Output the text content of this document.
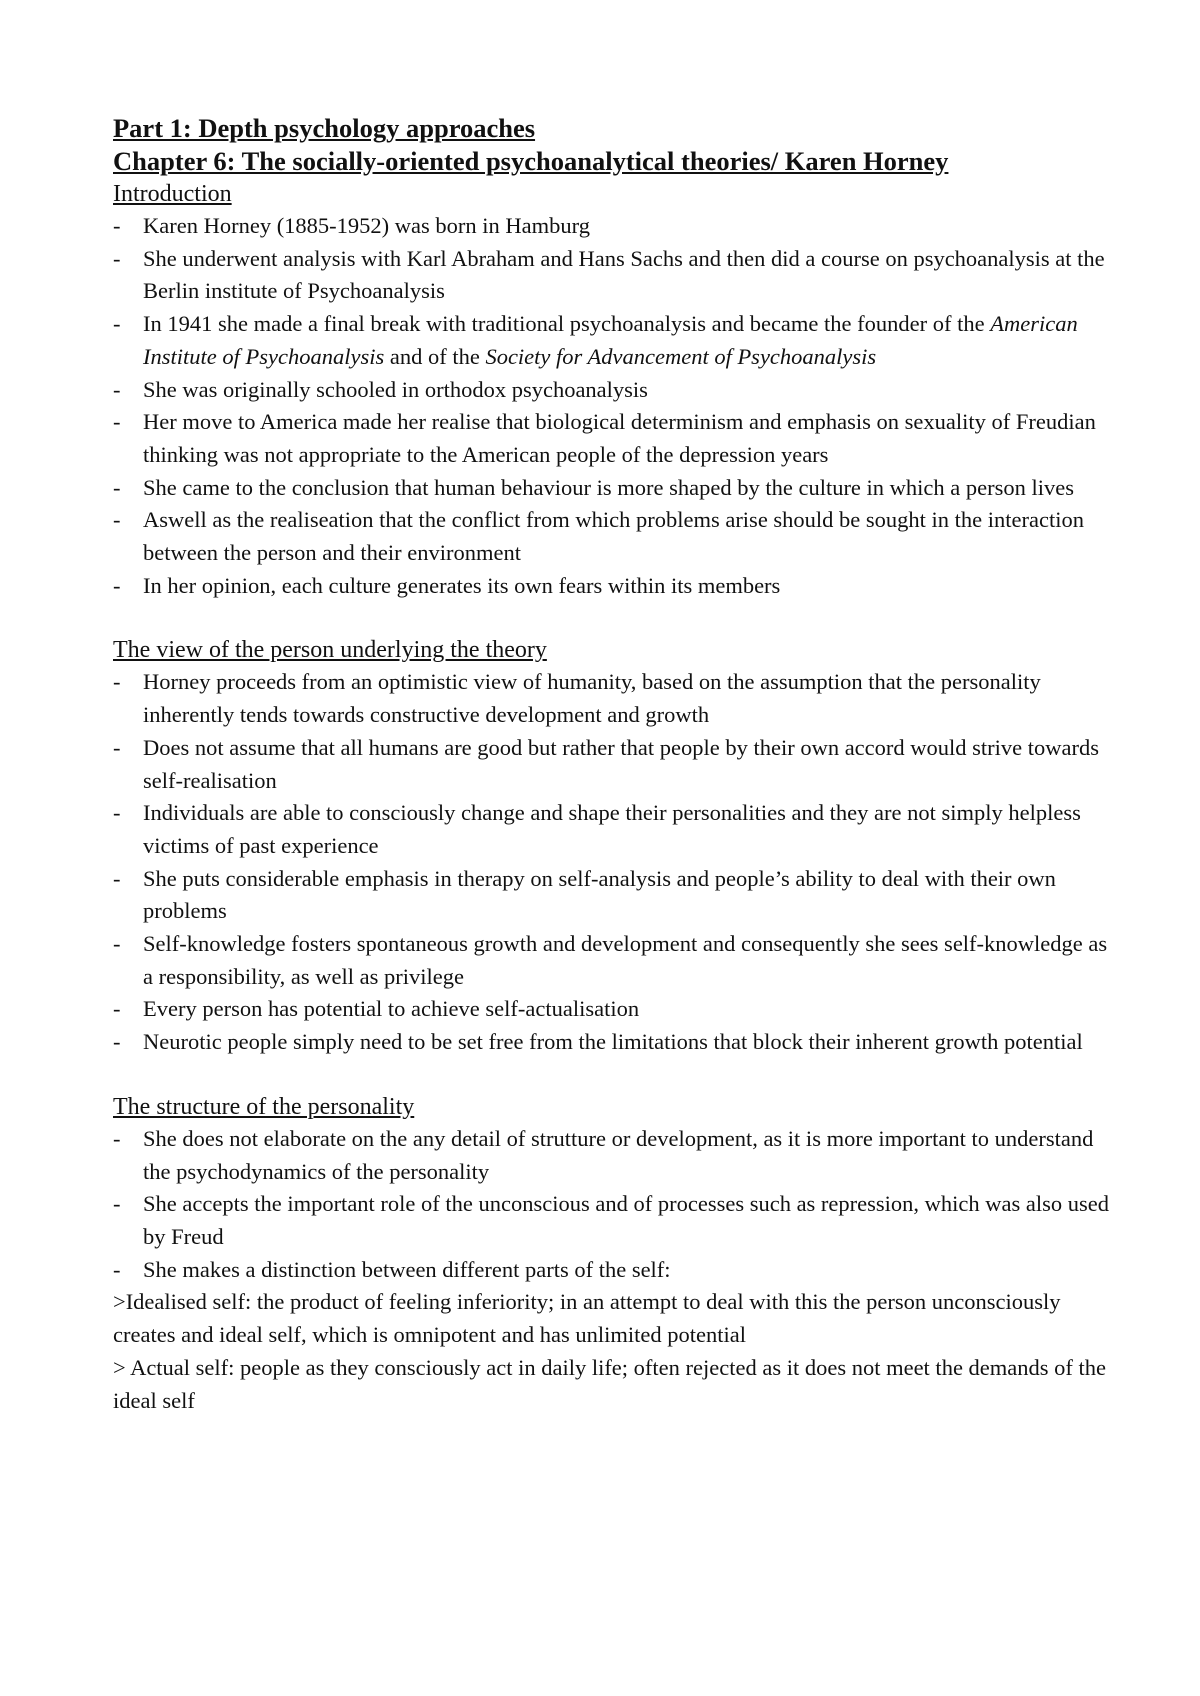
Part 1: Depth psychology approaches
Chapter 6: The socially-oriented psychoanalytical theories/ Karen Horney
Introduction
- Karen Horney (1885-1952) was born in Hamburg
- She underwent analysis with Karl Abraham and Hans Sachs and then did a course on psychoanalysis at the Berlin institute of Psychoanalysis
- In 1941 she made a final break with traditional psychoanalysis and became the founder of the American Institute of Psychoanalysis and of the Society for Advancement of Psychoanalysis
- She was originally schooled in orthodox psychoanalysis
- Her move to America made her realise that biological determinism and emphasis on sexuality of Freudian thinking was not appropriate to the American people of the depression years
- She came to the conclusion that human behaviour is more shaped by the culture in which a person lives
- Aswell as the realiseation that the conflict from which problems arise should be sought in the interaction between the person and their environment
- In her opinion, each culture generates its own fears within its members
The view of the person underlying the theory
- Horney proceeds from an optimistic view of humanity, based on the assumption that the personality inherently tends towards constructive development and growth
- Does not assume that all humans are good but rather that people by their own accord would strive towards self-realisation
- Individuals are able to consciously change and shape their personalities and they are not simply helpless victims of past experience
- She puts considerable emphasis in therapy on self-analysis and people’s ability to deal with their own problems
- Self-knowledge fosters spontaneous growth and development and consequently she sees self-knowledge as a responsibility, as well as privilege
- Every person has potential to achieve self-actualisation
- Neurotic people simply need to be set free from the limitations that block their inherent growth potential
The structure of the personality
- She does not elaborate on the any detail of strutture or development, as it is more important to understand the psychodynamics of the personality
- She accepts the important role of the unconscious and of processes such as repression, which was also used by Freud
- She makes a distinction between different parts of the self:

>Idealised self: the product of feeling inferiority; in an attempt to deal with this the person unconsciously creates and ideal self, which is omnipotent and has unlimited potential

> Actual self: people as they consciously act in daily life; often rejected as it does not meet the demands of the ideal self
